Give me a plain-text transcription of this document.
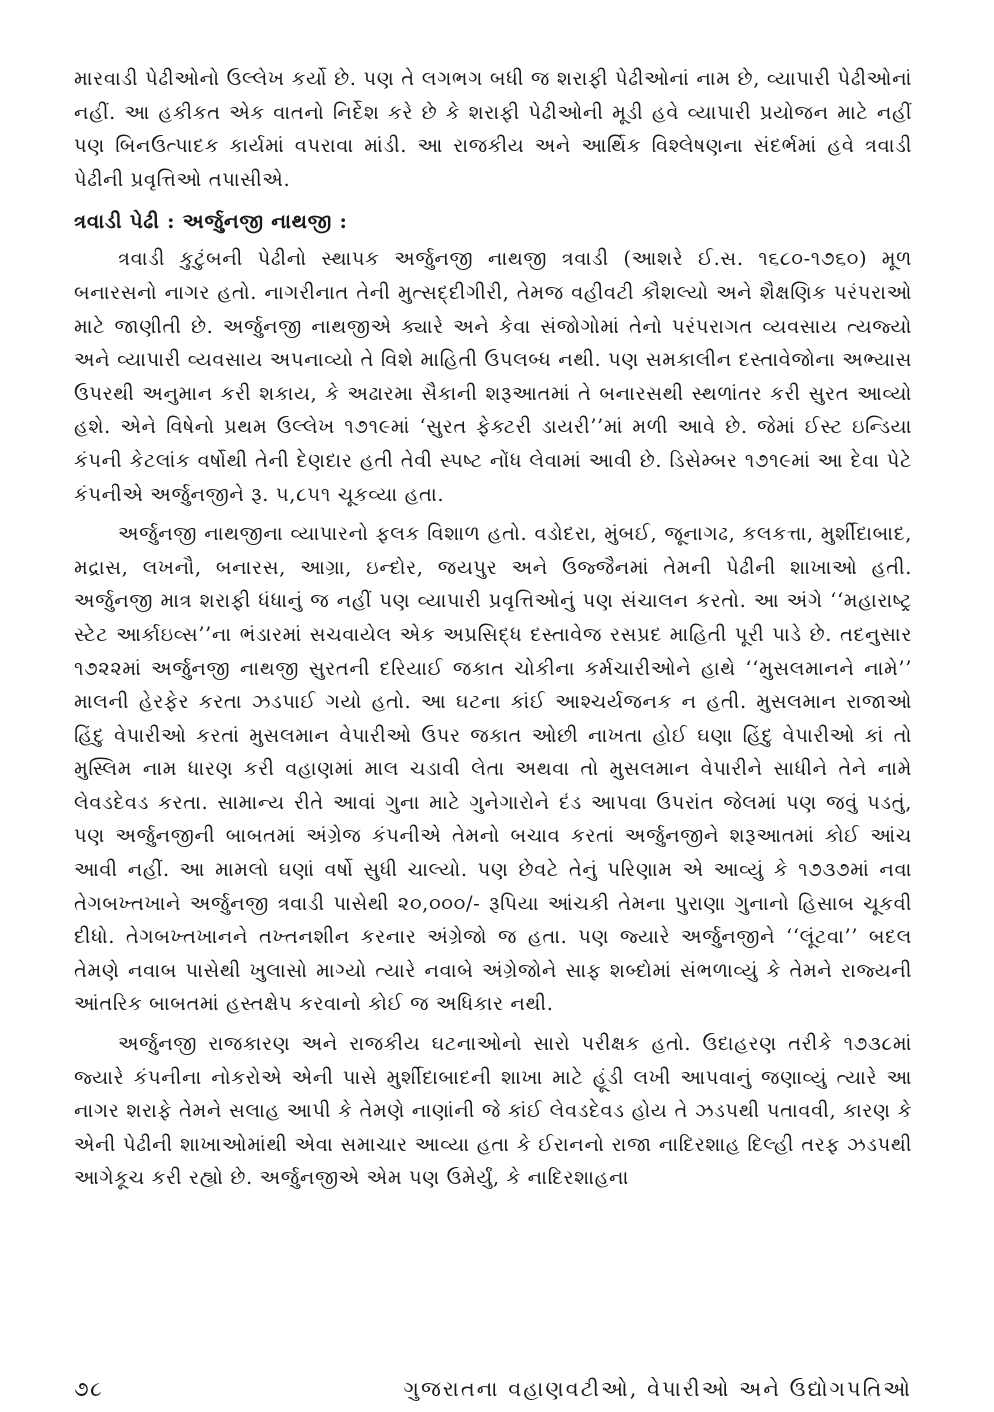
મારવાડી પેઢીઓનો ઉલ્લેખ કર્યો છે. પણ તે લગભગ બધી જ શરાફી પેઢીઓનાં નામ છે, વ્યાપારી પેઢીઓનાં નહીં. આ હકીકત એક વાતનો નિર્દેશ કરે છે કે શરાફી પેઢીઓની મૂડી હવે વ્યાપારી પ્રયોજન માટે નહીં પણ બિનઉત્પાદક કાર્યમાં વપરાવા માંડી. આ રાજકીય અને આર્થિક વિશ્લેષણના સંદર્ભમાં હવે ત્રવાડી પેઢીની પ્રવૃત્તિઓ તપાસીએ.

ત્રવાડી પેઢી : અર્જુનજી નાથજી :

ત્રવાડી કુટુંબની પેઢીનો સ્થાપક અર્જુનજી નાથજી ત્રવાડી (આશરે ઈ.સ. ૧૬૮૦-૧૭૬૦) મૂળ બનારસનો નાગર હતો. નાગરીનાત તેની મુત્સદ્દીગીરી, તેમજ વહીવટી કૌશલ્યો અને શૈક્ષણિક પરંપરાઓ માટે જાણીતી છે. અર્જુનજી નાથજીએ ક્યારે અને કેવા સંજોગોમાં તેનો પરંપરાગત વ્યવસાય ત્યજ્યો અને વ્યાપારી વ્યવસાય અપનાવ્યો તે વિશે માહિતી ઉપલબ્ધ નથી. પણ સમકાલીન દસ્તાવેજોના અભ્યાસ ઉપરથી અનુમાન કરી શકાય, કે અઢારમા સૈકાની શરૂઆતમાં તે બનારસથી સ્થળાંતર કરી સુરત આવ્યો હશે. એને વિષેનો પ્રથમ ઉલ્લેખ ૧૭૧૯માં ‘સુરત ફેક્ટરી ડાયરી’’માં મળી આવે છે. જેમાં ઈસ્ટ ઇન્ડિયા કંપની કેટલાંક વર્ષોથી તેની દેણદાર હતી તેવી સ્પષ્ટ નોંધ લેવામાં આવી છે. ડિસેમ્બર ૧૭૧૯માં આ દેવા પેટે કંપનીએ અર્જુનજીને રૂ. ૫,૮૫૧ ચૂકવ્યા હતા.

અર્જુનજી નાથજીના વ્યાપારનો ફલક વિશાળ હતો. વડોદરા, મુંબઈ, જૂનાગઢ, કલકત્તા, મુર્શીદાબાદ, મદ્રાસ, લખનૌ, બનારસ, આગ્રા, ઇન્દોર, જયપુર અને ઉજ્જૈનમાં તેમની પેઢીની શાખાઓ હતી. અર્જુનજી માત્ર શરાફી ધંધાનું જ નહીં પણ વ્યાપારી પ્રવૃત્તિઓનું પણ સંચાલન કરતો. આ અંગે ‘‘મહારાષ્ટ્ર સ્ટેટ આર્કાઇવ્સ’’ના ભંડારમાં સચવાયેલ એક અપ્રસિદ્ધ દસ્તાવેજ રસપ્રદ માહિતી પૂરી પાડે છે. તદનુસાર ૧૭૨૨માં અર્જુનજી નાથજી સુરતની દરિયાઈ જકાત ચોકીના કર્મચારીઓને હાથે ‘‘મુસલમાનને નામે’’ માલની હેરફેર કરતા ઝડપાઈ ગયો હતો. આ ઘટના કાંઈ આશ્ચર્યજનક ન હતી. મુસલમાન રાજાઓ હિંદુ વેપારીઓ કરતાં મુસલમાન વેપારીઓ ઉપર જકાત ઓછી નાખતા હોઈ ઘણા હિંદુ વેપારીઓ કાં તો મુસ્લિમ નામ ધારણ કરી વહાણમાં માલ ચડાવી લેતા અથવા તો મુસલમાન વેપારીને સાધીને તેને નામે લેવડદેવડ કરતા. સામાન્ય રીતે આવાં ગુના માટે ગુનેગારોને દંડ આપવા ઉપરાંત જેલમાં પણ જવું પડતું, પણ અર્જુનજીની બાબતમાં અંગ્રેજ કંપનીએ તેમનો બચાવ કરતાં અર્જુનજીને શરૂઆતમાં કોઈ આંચ આવી નહીં. આ મામલો ઘણાં વર્ષો સુધી ચાલ્યો. પણ છેવટે તેનું પરિણામ એ આવ્યું કે ૧૭૩૭માં નવા તેગબખ્તખાને અર્જુનજી ત્રવાડી પાસેથી ૨૦,૦૦૦/- રૂપિયા આંચકી તેમના પુરાણા ગુનાનો હિસાબ ચૂકવી દીધો. તેગબખ્તખાનને તખ્તનશીન કરનાર અંગ્રેજો જ હતા. પણ જ્યારે અર્જુનજીને ‘‘લૂંટવા’’ બદલ તેમણે નવાબ પાસેથી ખુલાસો માગ્યો ત્યારે નવાબે અંગ્રેજોને સાફ શબ્દોમાં સંભળાવ્યું કે તેમને રાજ્યની આંતરિક બાબતમાં હસ્તક્ષેપ કરવાનો કોઈ જ અધિકાર નથી.

અર્જુનજી રાજકારણ અને રાજકીય ઘટનાઓનો સારો પરીક્ષક હતો. ઉદાહરણ તરીકે ૧૭૩૮માં જ્યારે કંપનીના નોકરોએ એની પાસે મુર્શીદાબાદની શાખા માટે હૂંડી લખી આપવાનું જણાવ્યું ત્યારે આ નાગર શરાફે તેમને સલાહ આપી કે તેમણે નાણાંની જે કાંઈ લેવડદેવડ હોય તે ઝડપથી પતાવવી, કારણ કે એની પેઢીની શાખાઓમાંથી એવા સમાચાર આવ્યા હતા કે ઈરાનનો રાજા નાદિરશાહ દિલ્હી તરફ ઝડપથી આગેકૂચ કરી રહ્યો છે. અર્જુનજીએ એમ પણ ઉમેર્યું, કે નાદિરશાહના

૭૮	ગુજરાતના વહાણવટીઓ, વેપારીઓ અને ઉદ્યોગપતિઓ
